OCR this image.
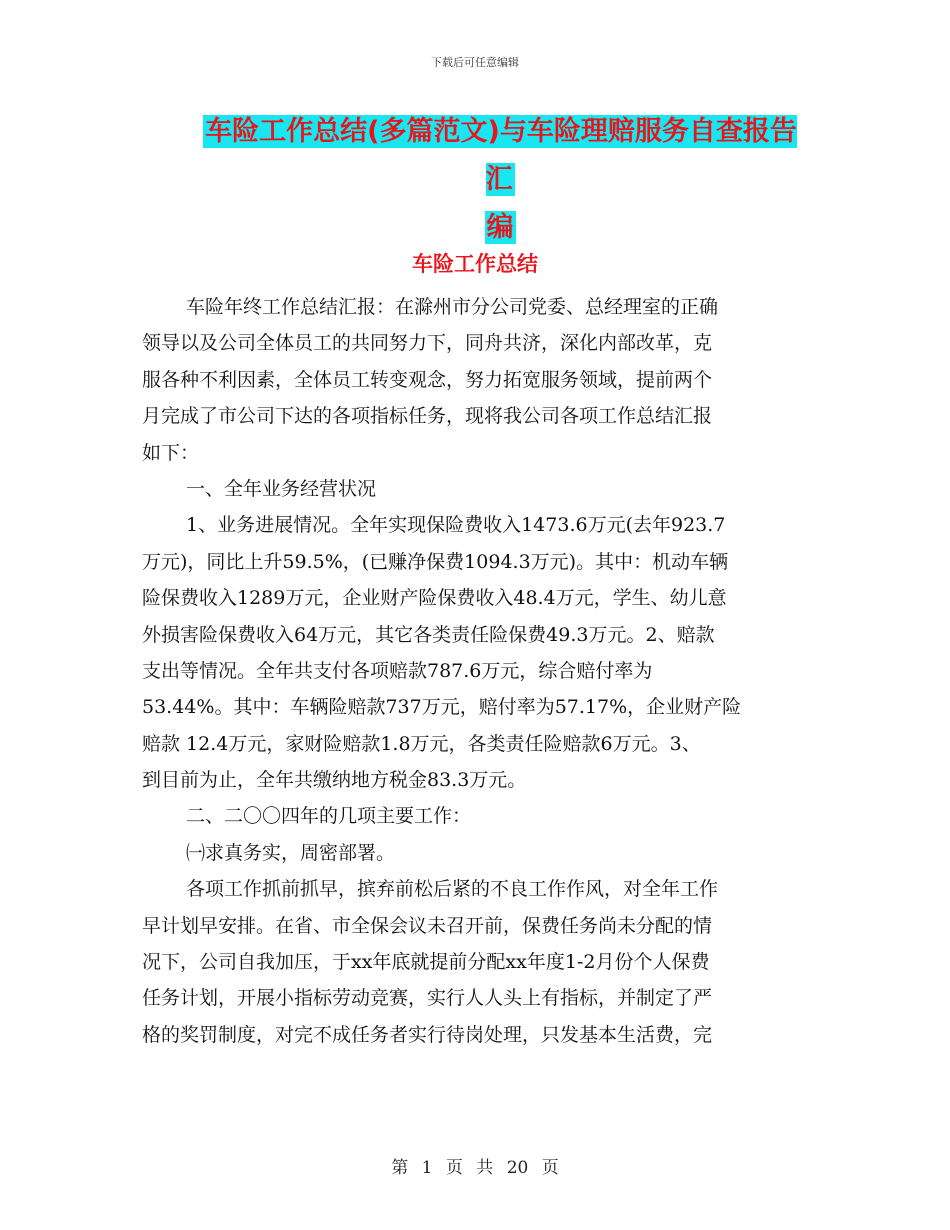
下载后可任意编辑
车险工作总结(多篇范文)与车险理赔服务自查报告汇
编
车险工作总结
车险年终工作总结汇报：在滁州市分公司党委、总经理室的正确
领导以及公司全体员工的共同努力下，同舟共济，深化内部改革，克
服各种不利因素，全体员工转变观念，努力拓宽服务领域，提前两个
月完成了市公司下达的各项指标任务，现将我公司各项工作总结汇报
如下：
一、全年业务经营状况
1、业务进展情况。全年实现保险费收入1473.6万元(去年923.7
万元)，同比上升59.5%，(已赚净保费1094.3万元)。其中：机动车辆
险保费收入1289万元，企业财产险保费收入48.4万元，学生、幼儿意
外损害险保费收入64万元，其它各类责任险保费49.3万元。2、赔款
支出等情况。全年共支付各项赔款787.6万元，综合赔付率为
53.44%。其中：车辆险赔款737万元，赔付率为57.17%，企业财产险
赔款 12.4万元，家财险赔款1.8万元，各类责任险赔款6万元。3、
到目前为止，全年共缴纳地方税金83.3万元。
二、二〇〇四年的几项主要工作：
㈠求真务实，周密部署。
各项工作抓前抓早，摈弃前松后紧的不良工作作风，对全年工作
早计划早安排。在省、市全保会议未召开前，保费任务尚未分配的情
况下，公司自我加压，于xx年底就提前分配xx年度1-2月份个人保费
任务计划，开展小指标劳动竞赛，实行人人头上有指标，并制定了严
格的奖罚制度，对完不成任务者实行待岗处理，只发基本生活费，完
第 1 页 共 20 页
